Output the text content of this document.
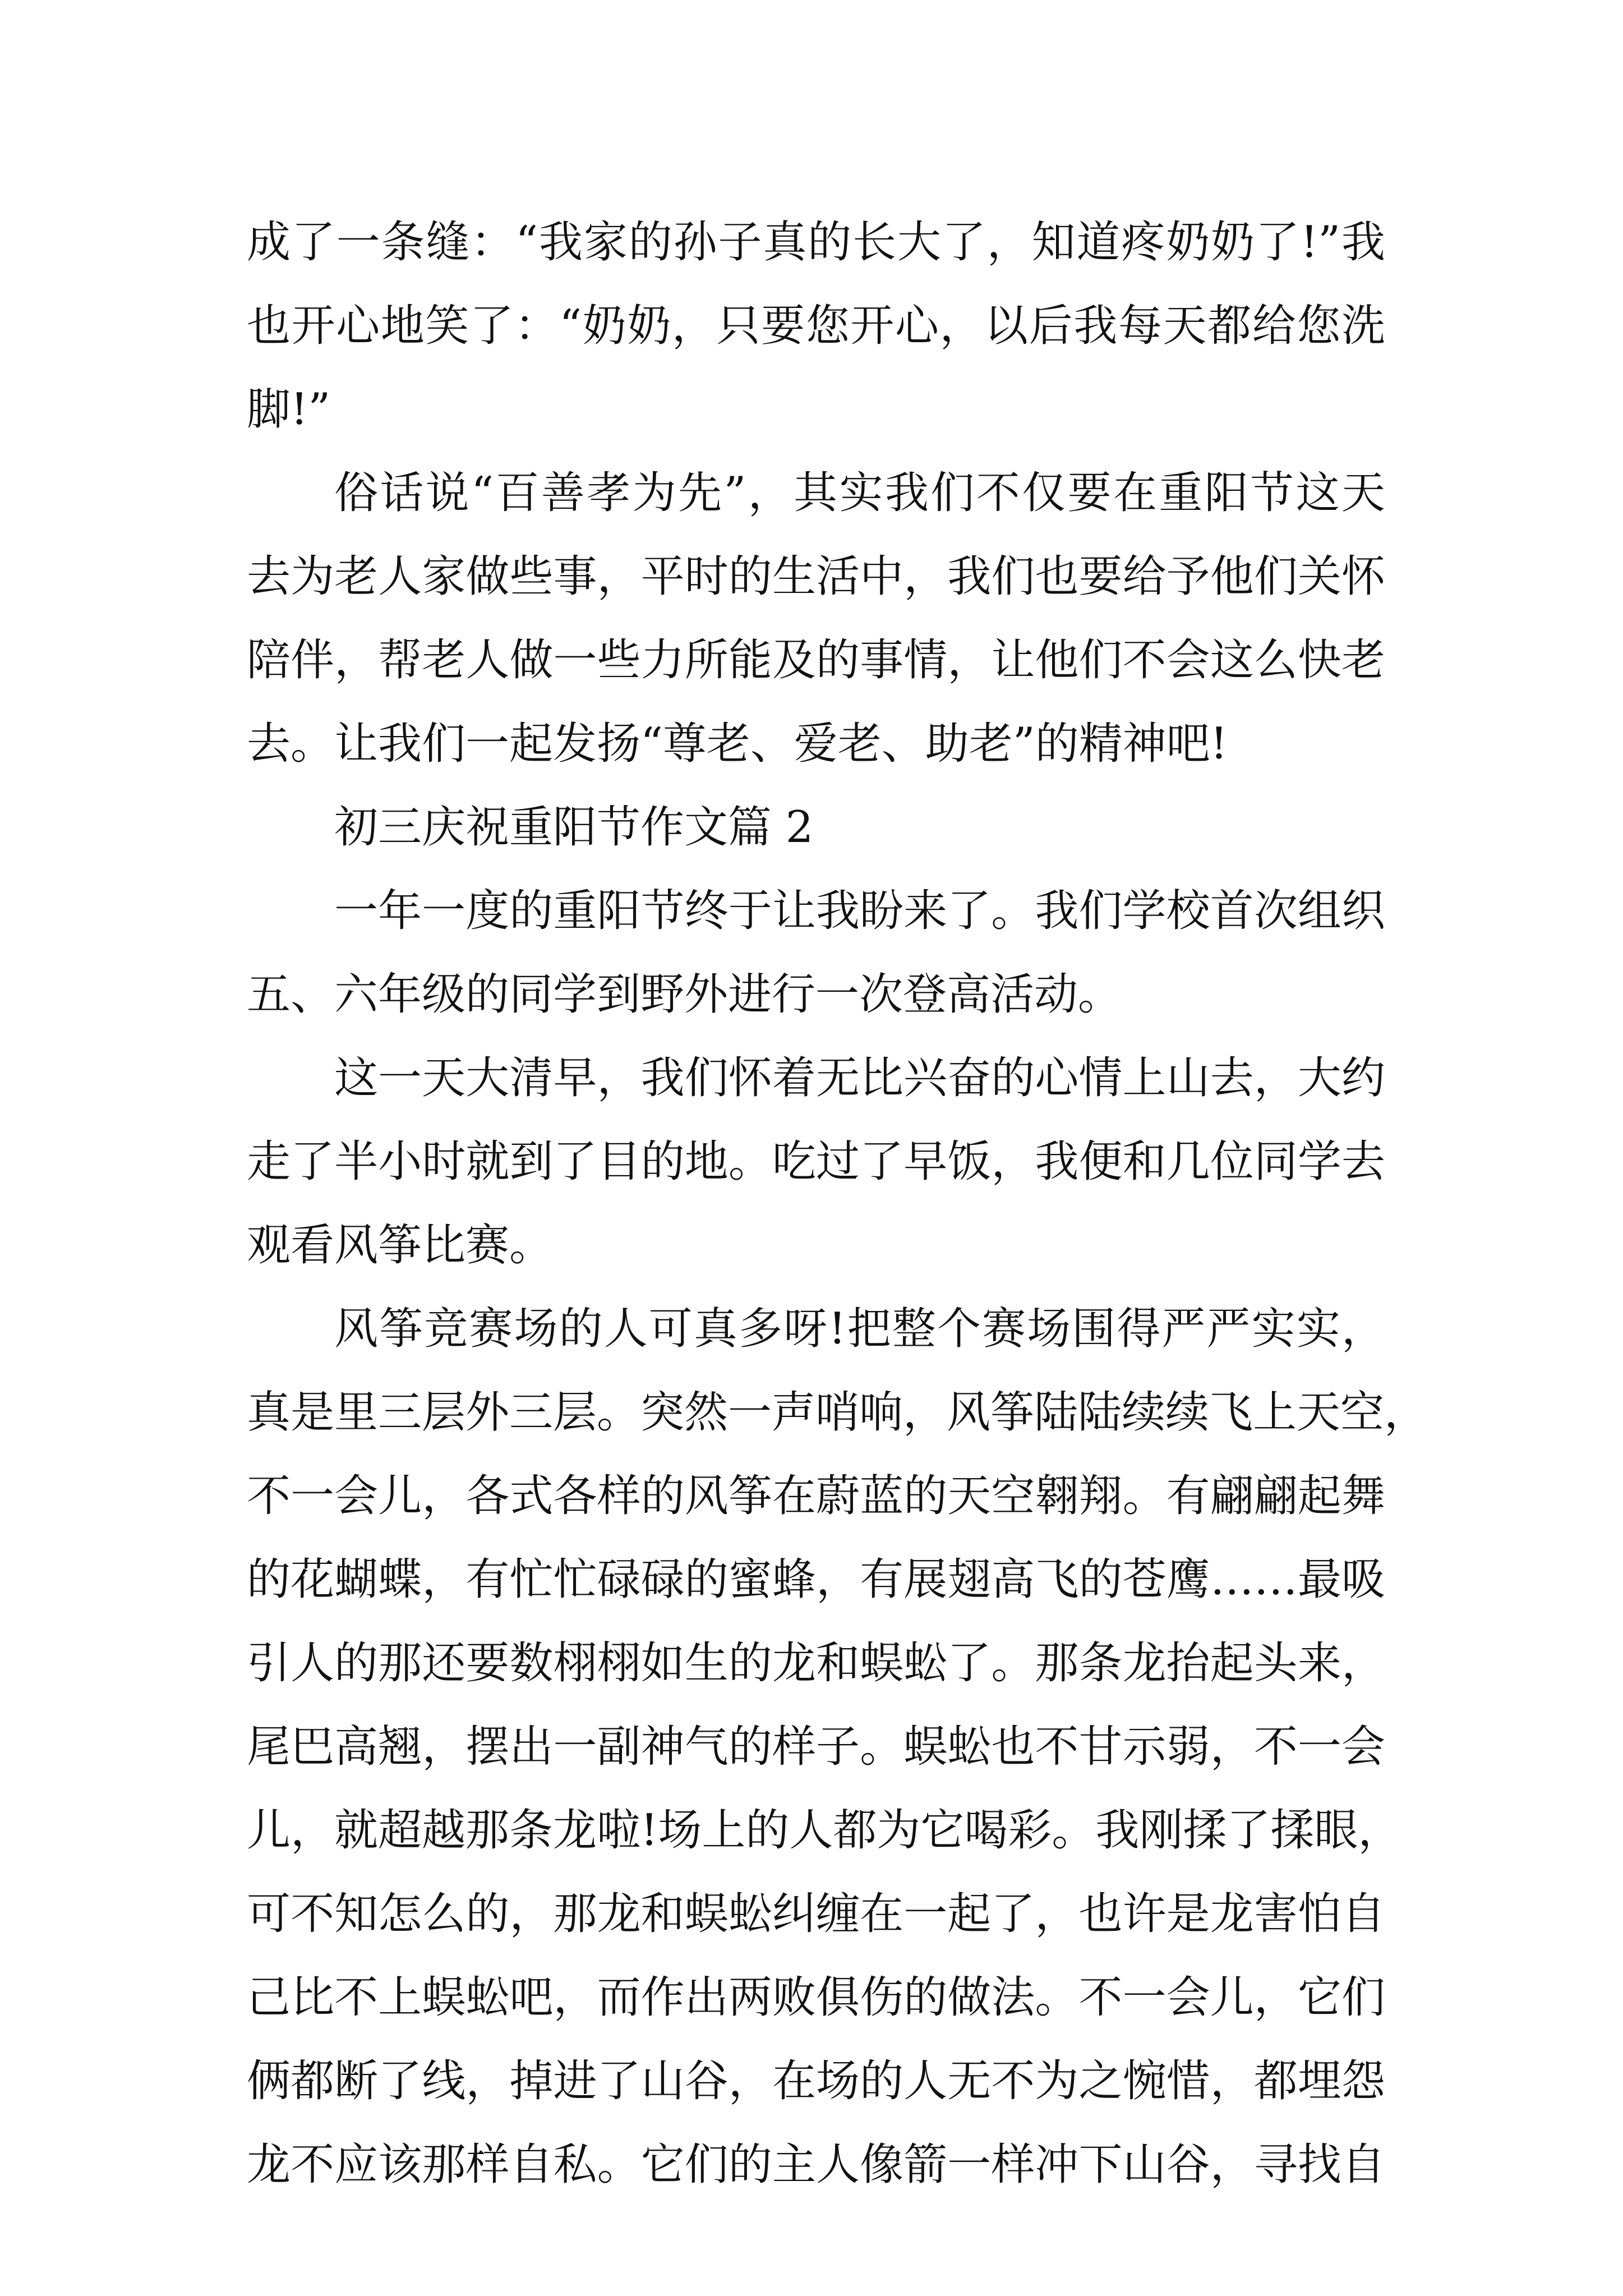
成了一条缝：“我家的孙子真的长大了，知道疼奶奶了!”我
也开心地笑了：“奶奶，只要您开心，以后我每天都给您洗
脚!”
俗话说“百善孝为先”，其实我们不仅要在重阳节这天
去为老人家做些事，平时的生活中，我们也要给予他们关怀
陪伴，帮老人做一些力所能及的事情，让他们不会这么快老
去。让我们一起发扬“尊老、爱老、助老”的精神吧!
初三庆祝重阳节作文篇 2
一年一度的重阳节终于让我盼来了。我们学校首次组织
五、六年级的同学到野外进行一次登高活动。
这一天大清早，我们怀着无比兴奋的心情上山去，大约
走了半小时就到了目的地。吃过了早饭，我便和几位同学去
观看风筝比赛。
风筝竞赛场的人可真多呀!把整个赛场围得严严实实，
真是里三层外三层。突然一声哨响，风筝陆陆续续飞上天空，
不一会儿，各式各样的风筝在蔚蓝的天空翱翔。有翩翩起舞
的花蝴蝶，有忙忙碌碌的蜜蜂，有展翅高飞的苍鹰……最吸
引人的那还要数栩栩如生的龙和蜈蚣了。那条龙抬起头来，
尾巴高翘，摆出一副神气的样子。蜈蚣也不甘示弱，不一会
儿，就超越那条龙啦!场上的人都为它喝彩。我刚揉了揉眼，
可不知怎么的，那龙和蜈蚣纠缠在一起了，也许是龙害怕自
己比不上蜈蚣吧，而作出两败俱伤的做法。不一会儿，它们
俩都断了线，掉进了山谷，在场的人无不为之惋惜，都埋怨
龙不应该那样自私。它们的主人像箭一样冲下山谷，寻找自
